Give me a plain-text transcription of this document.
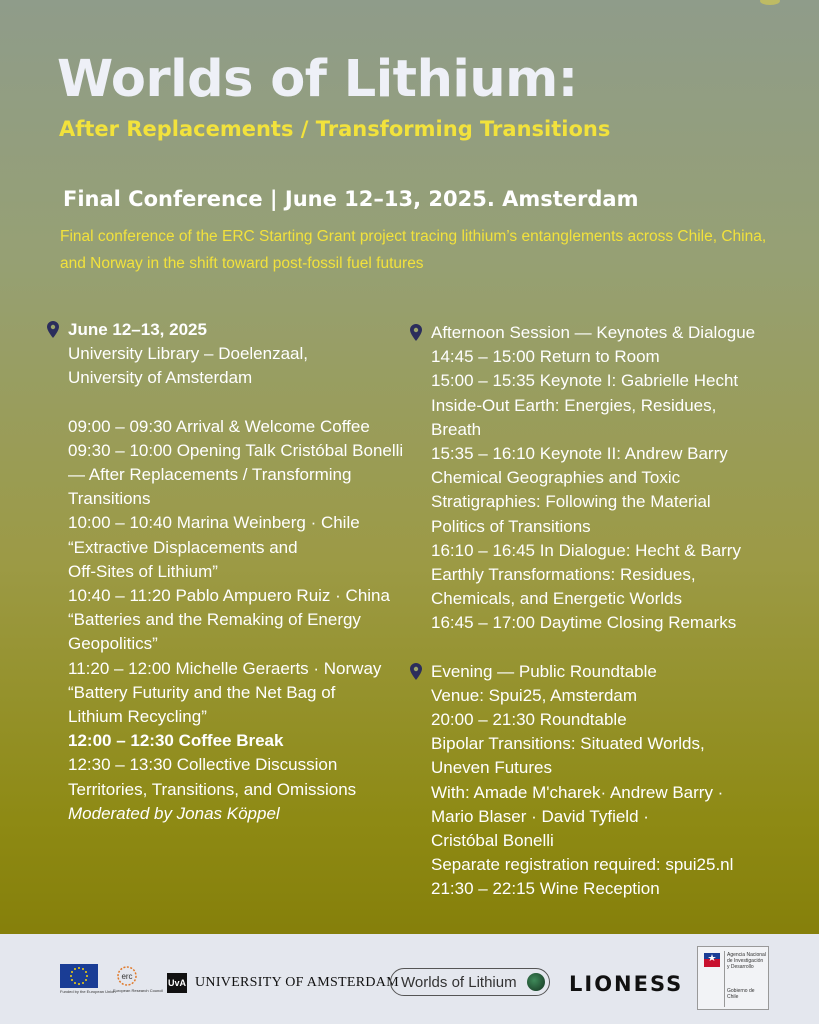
Worlds of Lithium:
After Replacements / Transforming Transitions
Final Conference | June 12–13, 2025. Amsterdam

Final conference of the ERC Starting Grant project tracing lithium’s entanglements across Chile, China, and Norway in the shift toward post-fossil fuel futures

June 12–13, 2025
University Library – Doelenzaal,
University of Amsterdam
09:00 – 09:30 Arrival & Welcome Coffee
09:30 – 10:00 Opening Talk Cristóbal Bonelli — After Replacements / Transforming Transitions
10:00 – 10:40 Marina Weinberg · Chile
“Extractive Displacements and Off-Sites of Lithium”
10:40 – 11:20 Pablo Ampuero Ruiz · China
“Batteries and the Remaking of Energy Geopolitics”
11:20 – 12:00 Michelle Geraerts · Norway
“Battery Futurity and the Net Bag of Lithium Recycling”
12:00 – 12:30 Coffee Break
12:30 – 13:30 Collective Discussion
Territories, Transitions, and Omissions
Moderated by Jonas Köppel
Afternoon Session — Keynotes & Dialogue
14:45 – 15:00 Return to Room
15:00 – 15:35 Keynote I: Gabrielle Hecht
Inside-Out Earth: Energies, Residues, Breath
15:35 – 16:10 Keynote II: Andrew Barry
Chemical Geographies and Toxic Stratigraphies: Following the Material Politics of Transitions
16:10 – 16:45 In Dialogue: Hecht & Barry
Earthly Transformations: Residues, Chemicals, and Energetic Worlds
16:45 – 17:00 Daytime Closing Remarks
Evening — Public Roundtable
Venue: Spui25, Amsterdam
20:00 – 21:30 Roundtable
Bipolar Transitions: Situated Worlds, Uneven Futures
With: Amade M'charek· Andrew Barry ·
Mario Blaser · David Tyfield ·
Cristóbal Bonelli
Separate registration required: spui25.nl
21:30 – 22:15 Wine Reception
Funded by the European Union
erc
European Research Council
UvA UNIVERSITY OF AMSTERDAM Worlds of Lithium LIONESS
Agencia Nacional de Investigación y Desarrollo
Gobierno de Chile
